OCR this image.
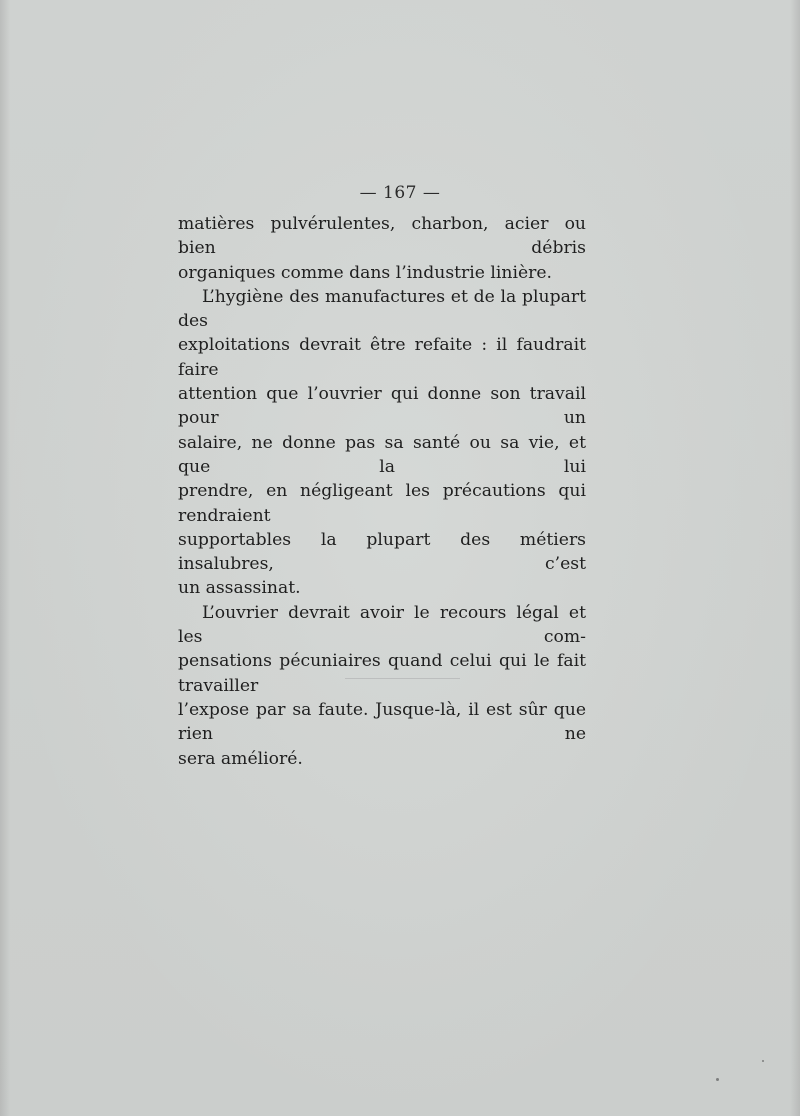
— 167 —

matières pulvérulentes, charbon, acier ou bien débris

organiques comme dans l’industrie linière.

L’hygiène des manufactures et de la plupart des

exploitations devrait être refaite : il faudrait faire

attention que l’ouvrier qui donne son travail pour un

salaire, ne donne pas sa santé ou sa vie, et que la lui

prendre, en négligeant les précautions qui rendraient

supportables la plupart des métiers insalubres, c’est

un assassinat.

L’ouvrier devrait avoir le recours légal et les com-

pensations pécuniaires quand celui qui le fait travailler

l’expose par sa faute. Jusque-là, il est sûr que rien ne

sera amélioré.
